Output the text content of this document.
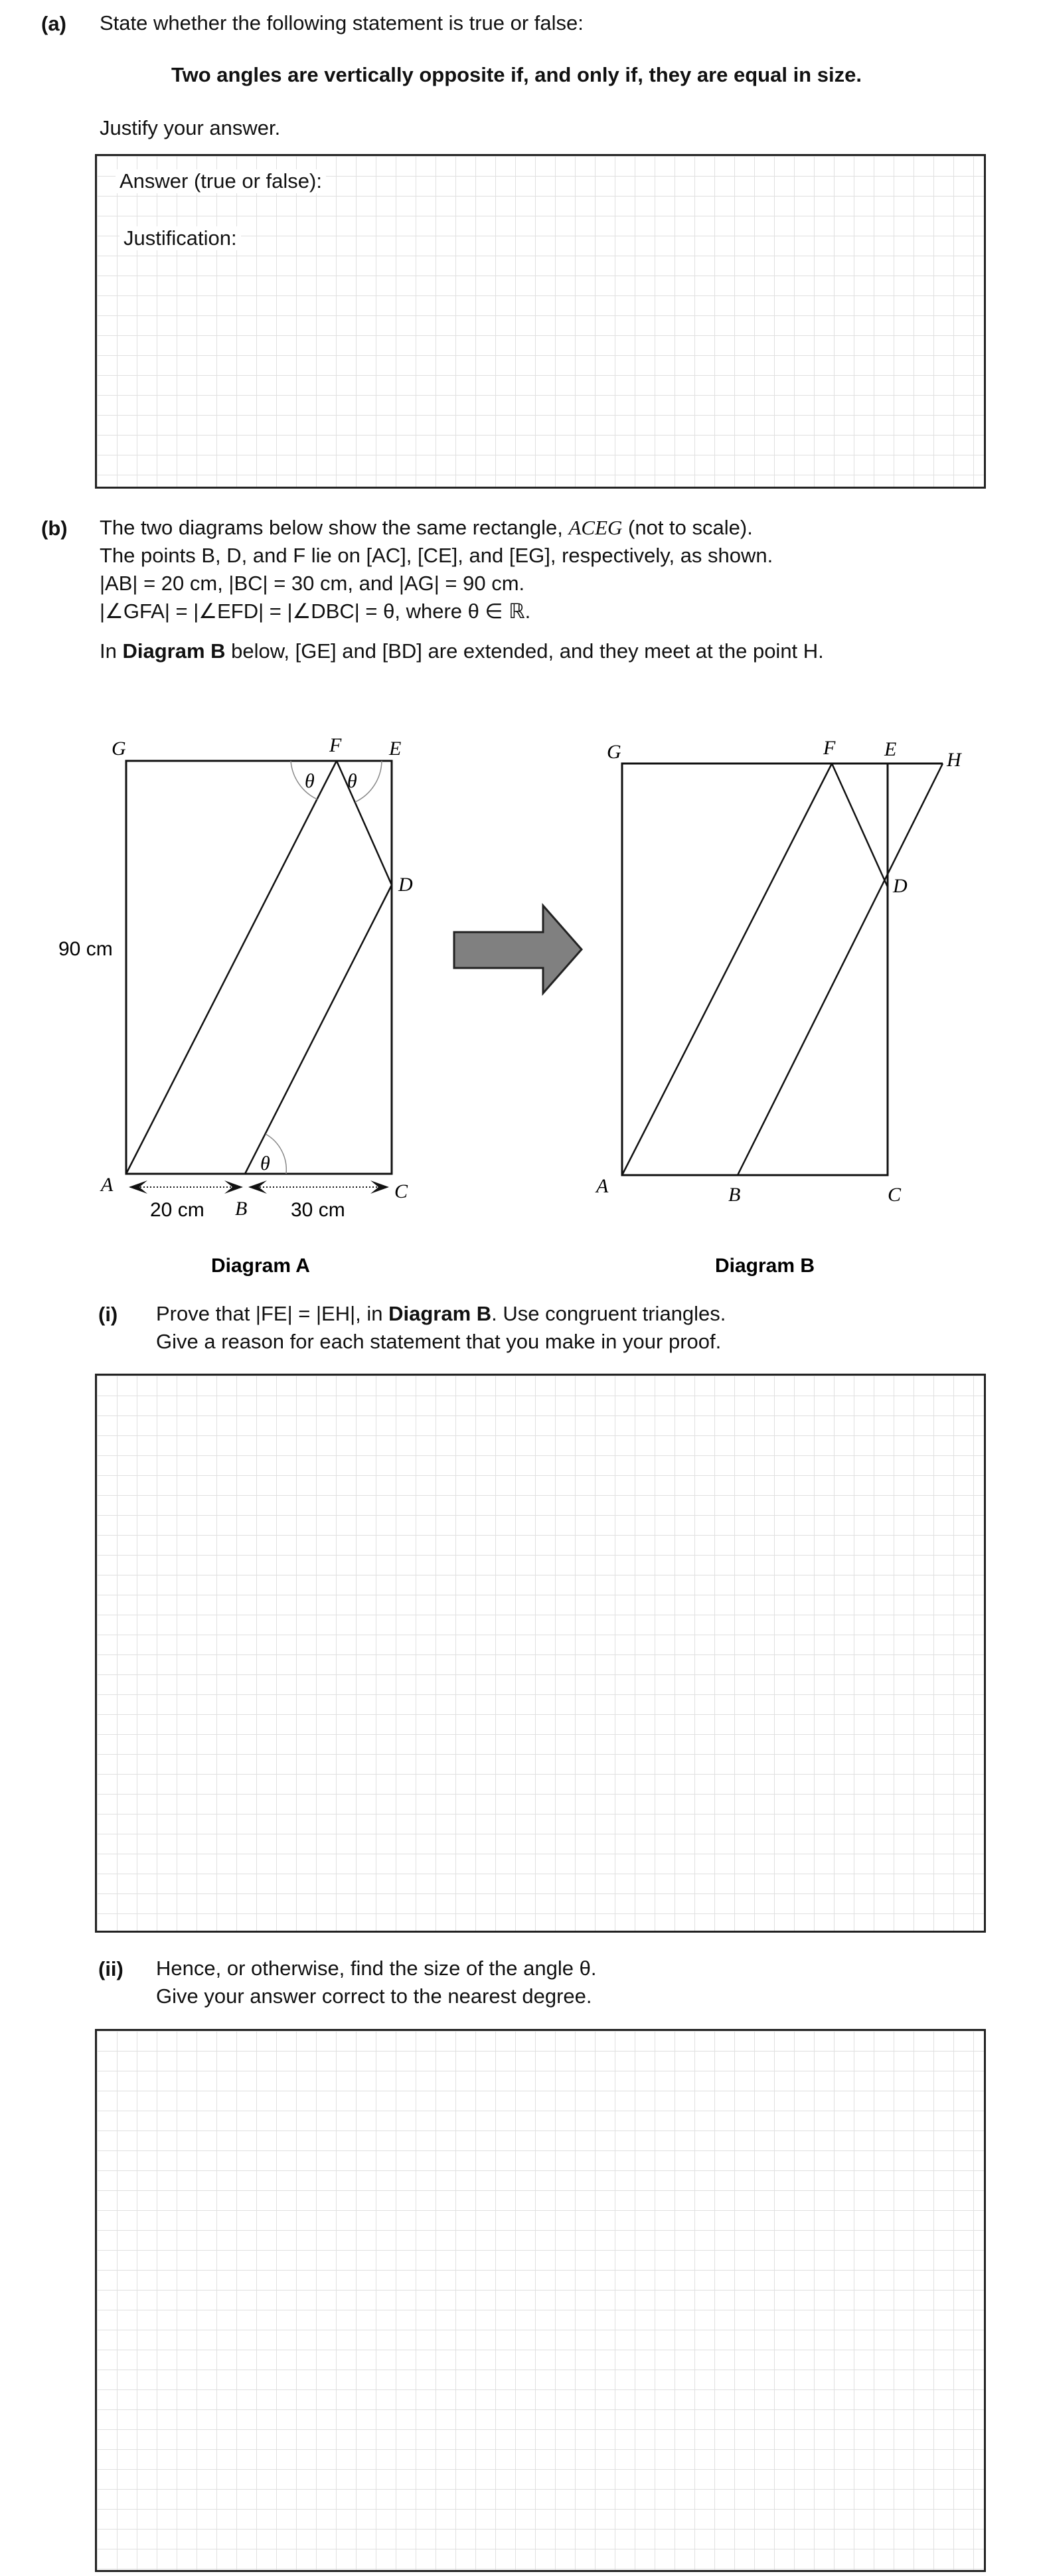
(a) State whether the following statement is true or false:
Two angles are vertically opposite if, and only if, they are equal in size.
Justify your answer.
Answer (true or false):
Justification:
(b) The two diagrams below show the same rectangle, ACEG (not to scale).
The points B, D, and F lie on [AC], [CE], and [EG], respectively, as shown.
|AB| = 20 cm, |BC| = 30 cm, and |AG| = 90 cm.
|∠GFA| = |∠EFD| = |∠DBC| = θ, where θ ∈ ℝ.
In Diagram B below, [GE] and [BD] are extended, and they meet at the point H.
G	F E
D
A
B
C
θ θ
θ
90 cm
20 cm	30 cm
Diagram A
G	F E	H
D
A	B	C
Diagram B
(i) Prove that |FE| = |EH|, in Diagram B. Use congruent triangles.
Give a reason for each statement that you make in your proof.
(ii) Hence, or otherwise, find the size of the angle θ.
Give your answer correct to the nearest degree.
